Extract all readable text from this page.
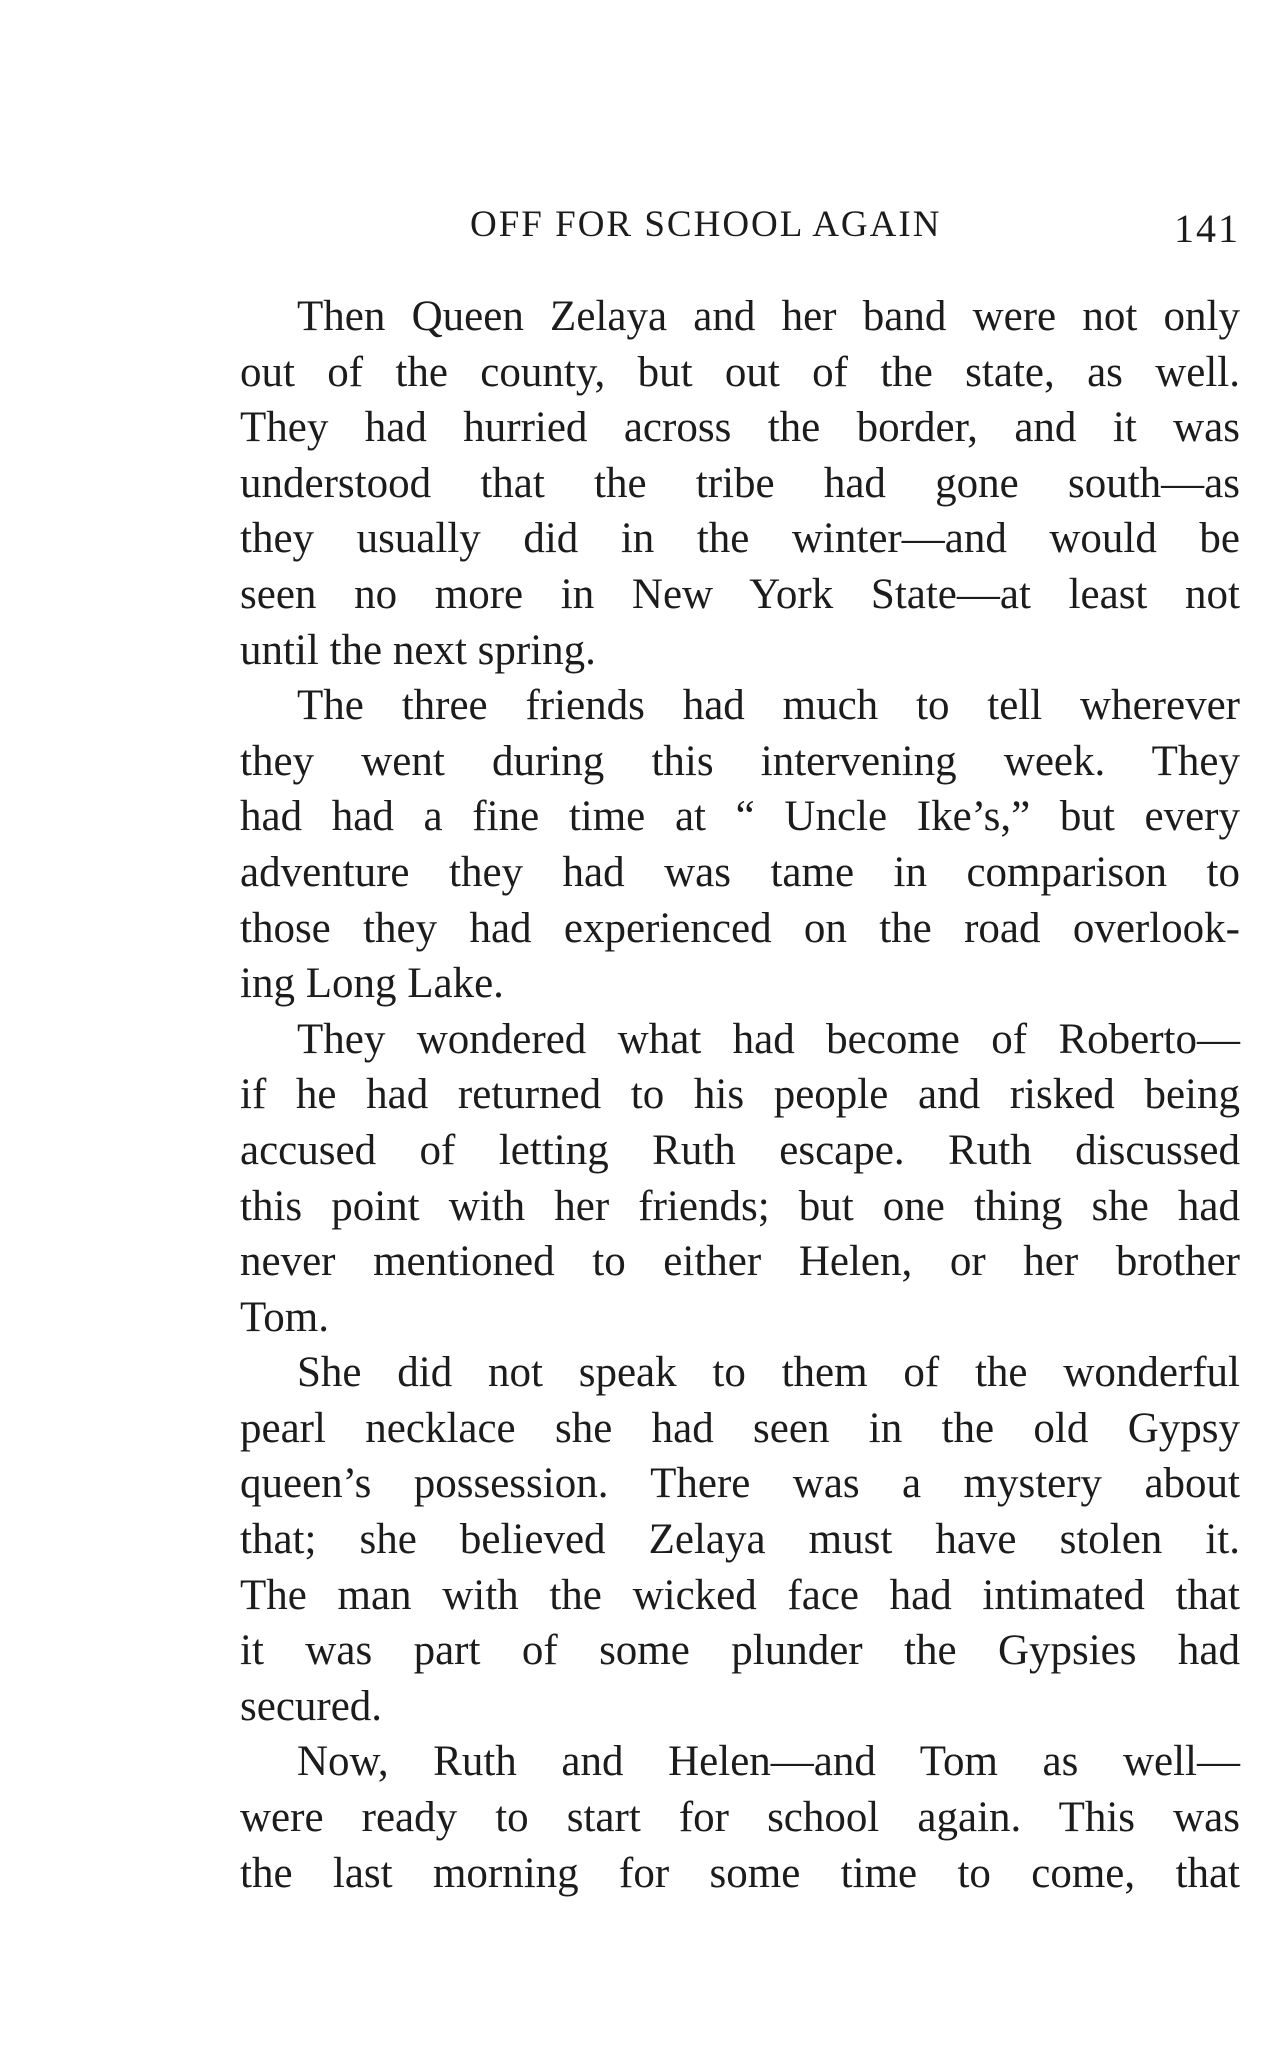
OFF FOR SCHOOL AGAIN	141
Then Queen Zelaya and her band were not only
out of the county, but out of the state, as well.
They had hurried across the border, and it was
understood that the tribe had gone south—as
they usually did in the winter—and would be
seen no more in New York State—at least not
until the next spring.
The three friends had much to tell wherever
they went during this intervening week. They
had had a fine time at “ Uncle Ike’s,” but every
adventure they had was tame in comparison to
those they had experienced on the road overlook-
ing Long Lake.
They wondered what had become of Roberto—
if he had returned to his people and risked being
accused of letting Ruth escape. Ruth discussed
this point with her friends; but one thing she had
never mentioned to either Helen, or her brother
Tom.
She did not speak to them of the wonderful
pearl necklace she had seen in the old Gypsy
queen’s possession. There was a mystery about
that; she believed Zelaya must have stolen it.
The man with the wicked face had intimated that
it was part of some plunder the Gypsies had
secured.
Now, Ruth and Helen—and Tom as well—
were ready to start for school again. This was
the last morning for some time to come, that
